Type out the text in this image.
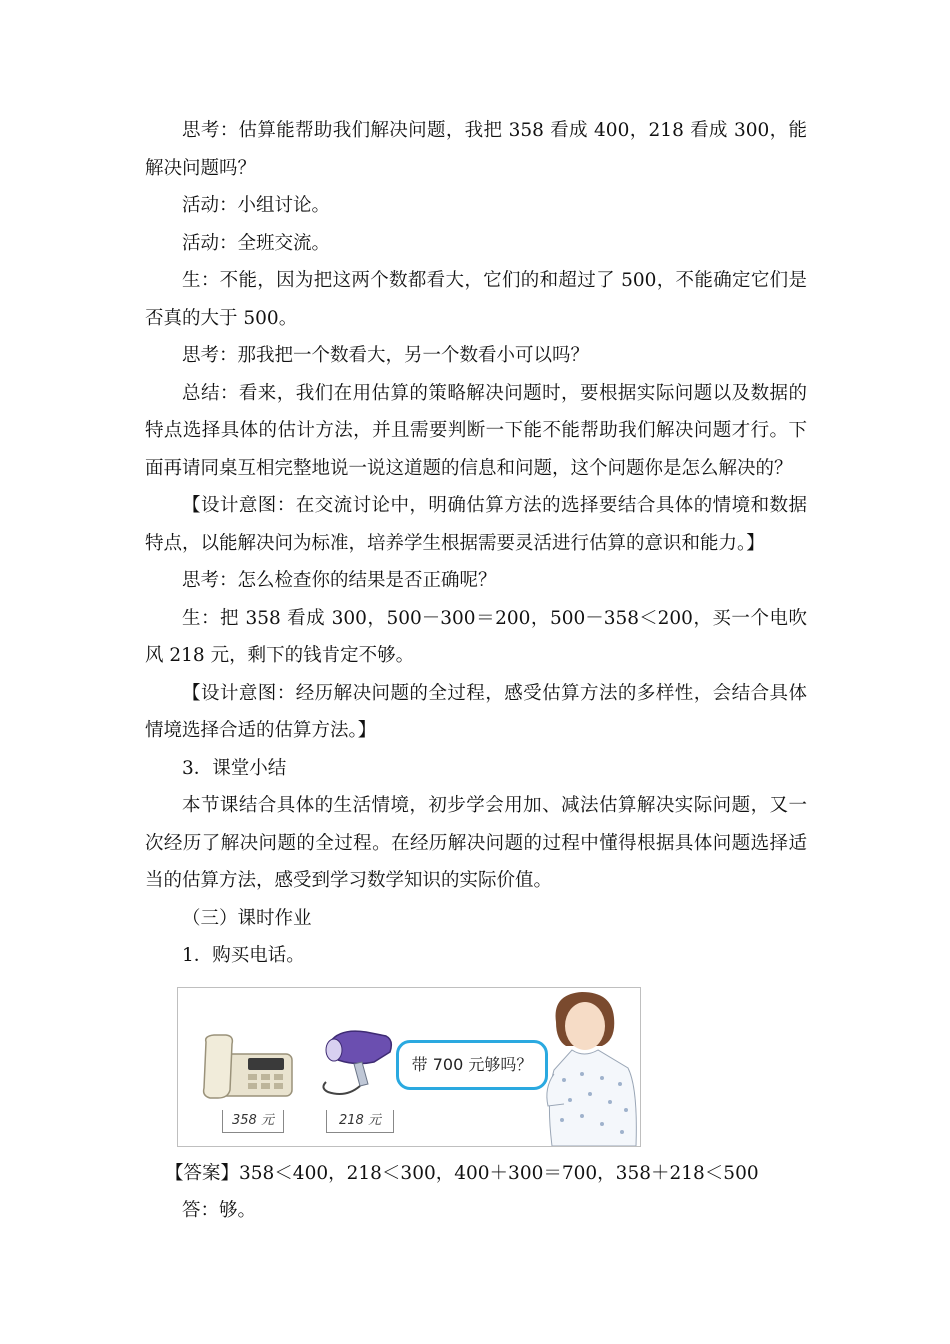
思考：估算能帮助我们解决问题，我把 358 看成 400，218 看成 300，能解决问题吗？

活动：小组讨论。

活动：全班交流。

生：不能，因为把这两个数都看大，它们的和超过了 500，不能确定它们是否真的大于 500。

思考：那我把一个数看大，另一个数看小可以吗？

总结：看来，我们在用估算的策略解决问题时，要根据实际问题以及数据的特点选择具体的估计方法，并且需要判断一下能不能帮助我们解决问题才行。下面再请同桌互相完整地说一说这道题的信息和问题，这个问题你是怎么解决的？

【设计意图：在交流讨论中，明确估算方法的选择要结合具体的情境和数据特点，以能解决问为标准，培养学生根据需要灵活进行估算的意识和能力。】

思考：怎么检查你的结果是否正确呢？

生：把 358 看成 300，500－300＝200，500－358＜200，买一个电吹风 218 元，剩下的钱肯定不够。

【设计意图：经历解决问题的全过程，感受估算方法的多样性，会结合具体情境选择合适的估算方法。】

3．课堂小结

本节课结合具体的生活情境，初步学会用加、减法估算解决实际问题，又一次经历了解决问题的全过程。在经历解决问题的过程中懂得根据具体问题选择适当的估算方法，感受到学习数学知识的实际价值。

（三）课时作业

1．购买电话。

358 元	218 元
带 700 元够吗？

【答案】358＜400，218＜300，400＋300＝700，358＋218＜500

答：够。
